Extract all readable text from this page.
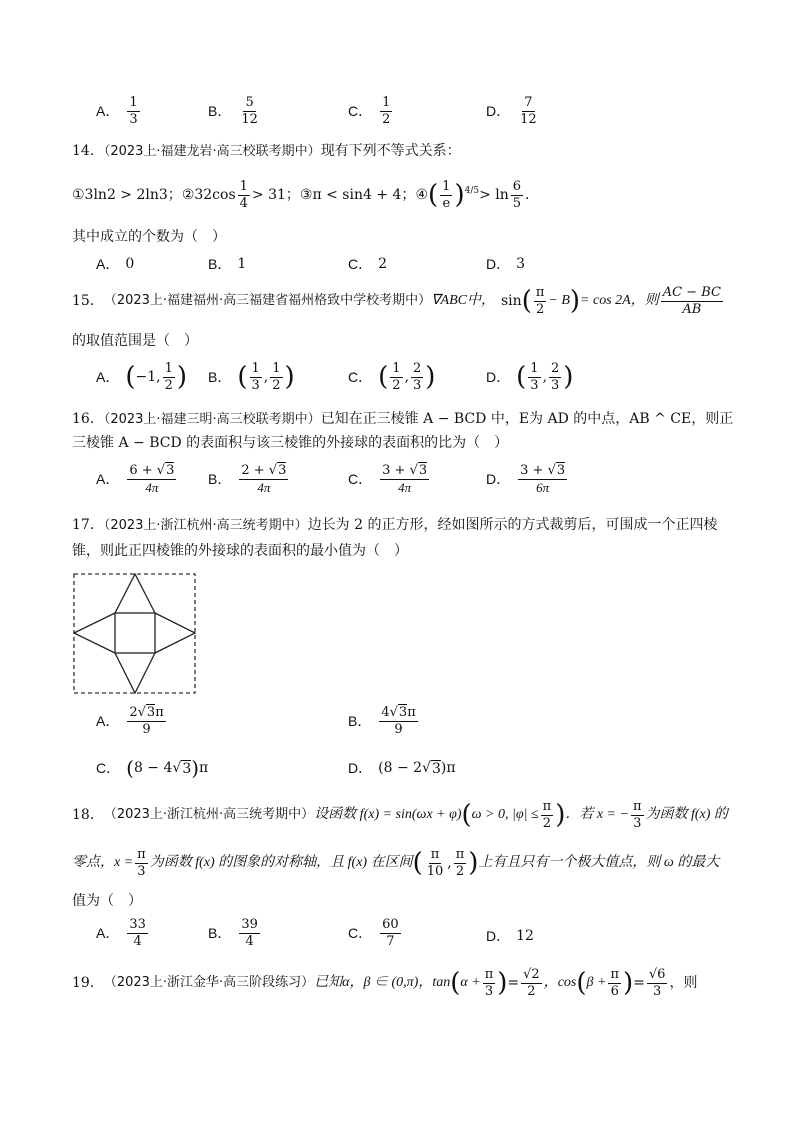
A． $\frac{1}{3}$	B． $\frac{5}{12}$	C． $\frac{1}{2}$	D． $\frac{7}{12}$
14．（2023上·福建龙岩·高三校联考期中）现有下列不等式关系：
①3ln2 > 2ln3； ②32cos $\frac{1}{4} > 31$； ③π < sin4 + 4； ④ ( $\frac{1}{e} )^{4/5} > \ln \frac{6}{5}$ ．
其中成立的个数为（　）
A． 0	B． 1	C． 2	D． 3
15． （2023上·福建福州·高三福建省福州格致中学校考期中） ∇ABC中， sin ( $\frac{\pi}{2} - B$ ) = cos 2A，则 $\frac{AC - BC}{AB}$
的取值范围是（　）
A． ( −1, $\frac{1}{2}$ ) B． ( $\frac{1}{3}$ , $\frac{1}{2}$ )	C． ( $\frac{1}{2}$ , $\frac{2}{3}$ )	D． ( $\frac{1}{3}$ , $\frac{2}{3}$ )
16．（2023上·福建三明·高三校联考期中）已知在正三棱锥 A − BCD 中，E为 AD 的中点，AB ^ CE，则正
三棱锥 A − BCD 的表面积与该三棱锥的外接球的表面积的比为（　）
A． $\frac{6 + √3}{4\pi}$ B． $\frac{2 + √3}{4\pi}$	C． $\frac{3 + √3}{4\pi}$	D． $\frac{3 + √3}{6\pi}$
17．（2023上·浙江杭州·高三统考期中）边长为 2 的正方形，经如图所示的方式裁剪后，可围成一个正四棱
锥，则此正四棱锥的外接球的表面积的最小值为（　）
A． $\frac{2√3\pi}{9}$	B． $\frac{4√3\pi}{9}$
C． ( 8 − 4 √ 3 ) π	D． (8 − 2 √ 3 )π
18． （2023上·浙江杭州·高三统考期中） 设函数 f(x) = sin(ωx + φ) ( ω > 0, $|\varphi| \le \frac{\pi}{2}$ ) ．若 x = − $\frac{\pi}{3}$ 为函数 f(x) 的
零点，$x = \frac{\pi}{3}$ 为函数 f(x) 的图象的对称轴，且 f(x) 在区间 ( $\frac{\pi}{10}$ , $\frac{\pi}{2}$ ) 上有且只有一个极大值点，则 ω 的最大
值为（　）
A． $\frac{33}{4}$	B． $\frac{39}{4}$	C． $\frac{60}{7}$	D． 12
19． （2023上·浙江金华·高三阶段练习） 已知α，β ∈ (0,π)，tan ( $\alpha + \frac{\pi}{3}$ ) = $\frac{√2}{2}$ ，cos ( $\beta + \frac{\pi}{6}$ ) = $\frac{√6}{3}$ ，则
